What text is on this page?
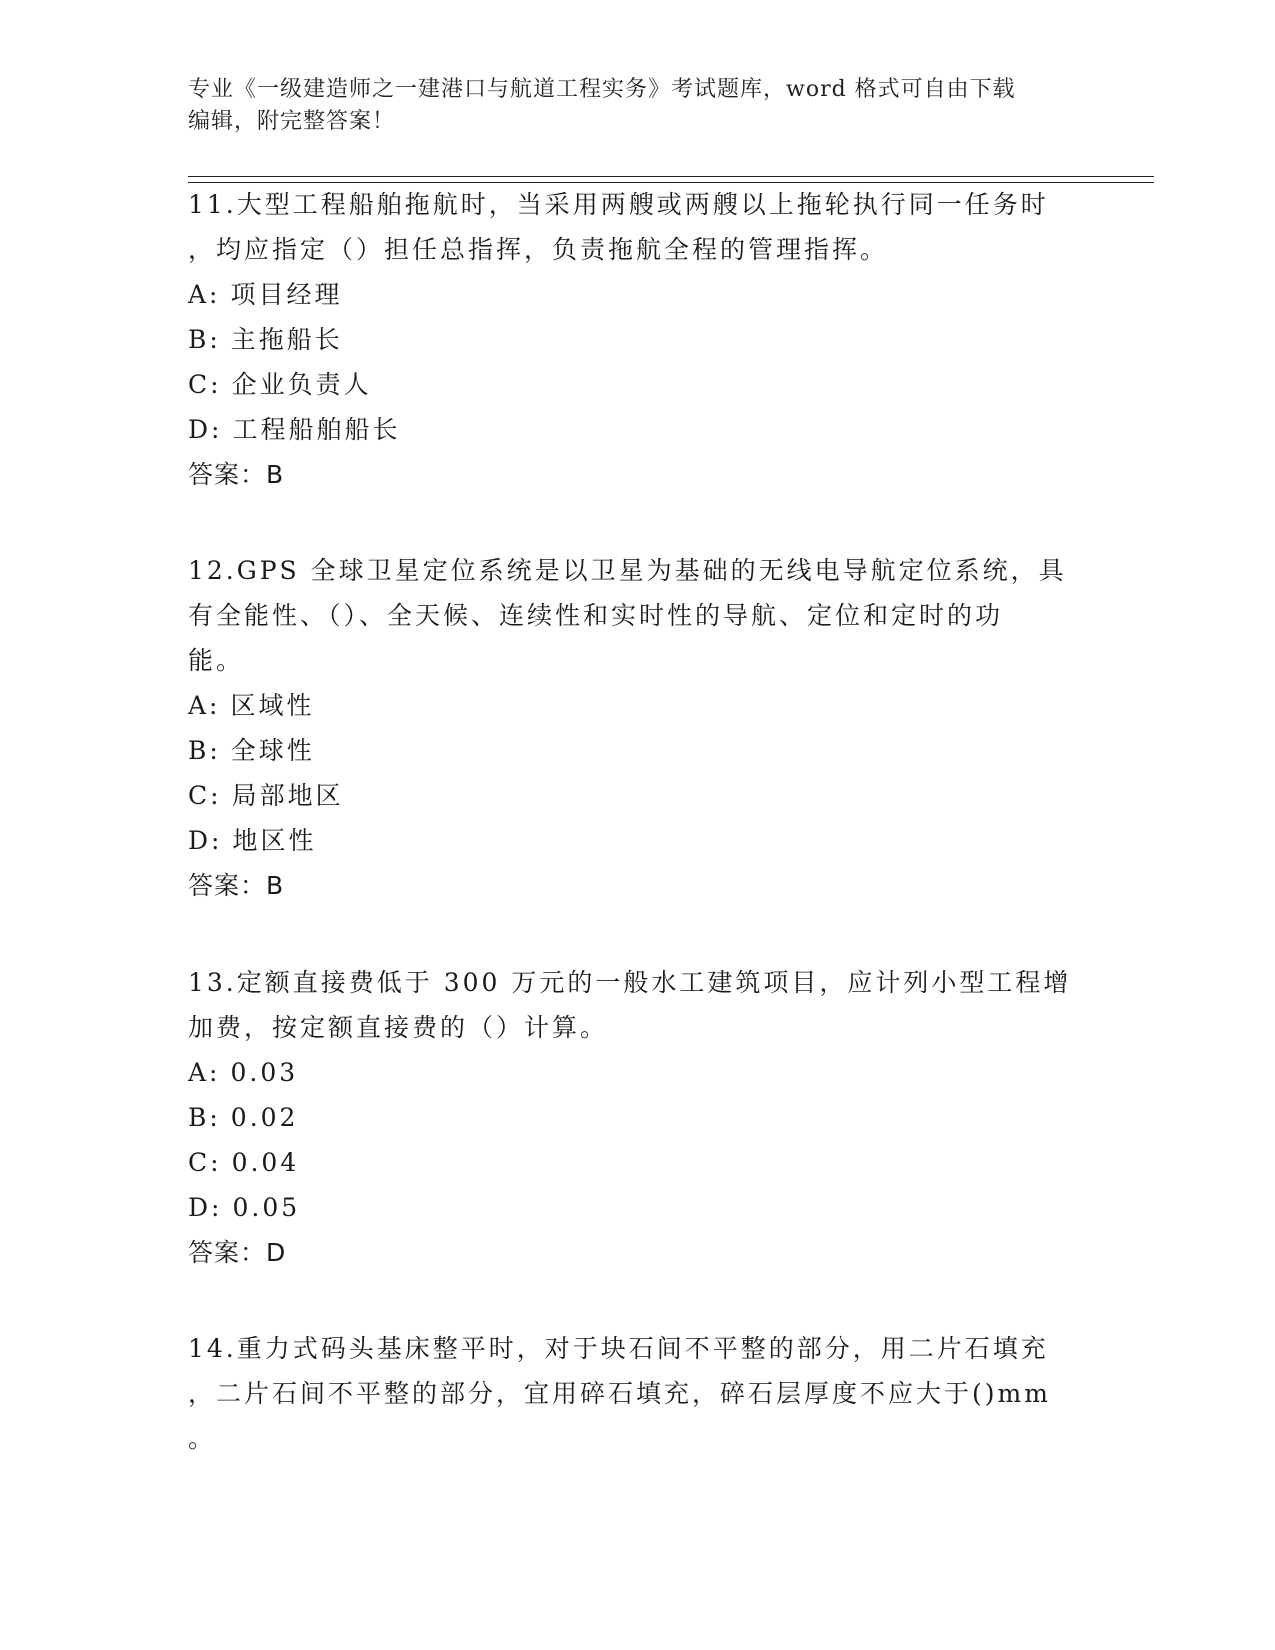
专业《一级建造师之一建港口与航道工程实务》考试题库，word 格式可自由下载
编辑，附完整答案！
11.大型工程船舶拖航时，当采用两艘或两艘以上拖轮执行同一任务时
，均应指定（）担任总指挥，负责拖航全程的管理指挥。
A: 项目经理
B: 主拖船长
C: 企业负责人
D: 工程船舶船长
答案：B
12.GPS 全球卫星定位系统是以卫星为基础的无线电导航定位系统，具
有全能性、（）、全天候、连续性和实时性的导航、定位和定时的功
能。
A: 区域性
B: 全球性
C: 局部地区
D: 地区性
答案：B
13.定额直接费低于 300 万元的一般水工建筑项目，应计列小型工程增
加费，按定额直接费的（）计算。
A: 0.03
B: 0.02
C: 0.04
D: 0.05
答案：D
14.重力式码头基床整平时，对于块石间不平整的部分，用二片石填充
，二片石间不平整的部分，宜用碎石填充，碎石层厚度不应大于()mm
。
